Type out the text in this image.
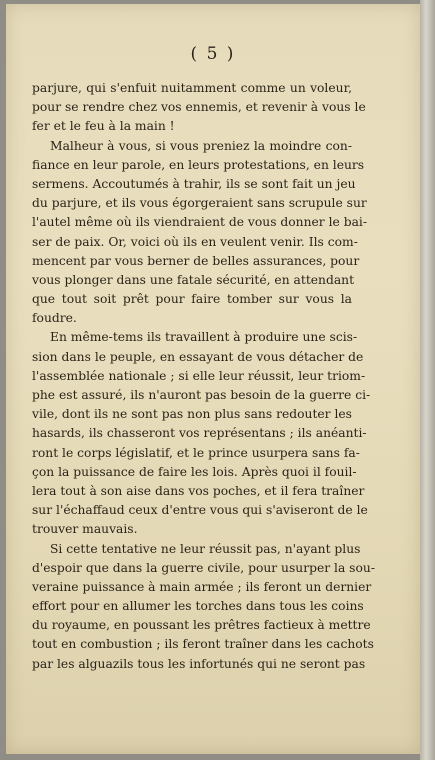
( 5 )
parjure, qui s'enfuit nuitamment comme un voleur,
pour se rendre chez vos ennemis, et revenir à vous le
fer et le feu à la main !
Malheur à vous, si vous preniez la moindre con-
fiance en leur parole, en leurs protestations, en leurs
sermens. Accoutumés à trahir, ils se sont fait un jeu
du parjure, et ils vous égorgeraient sans scrupule sur
l'autel même où ils viendraient de vous donner le bai-
ser de paix. Or, voici où ils en veulent venir. Ils com-
mencent par vous berner de belles assurances, pour
vous plonger dans une fatale sécurité, en attendant
que tout soit prêt pour faire tomber sur vous la
foudre.
En même-tems ils travaillent à produire une scis-
sion dans le peuple, en essayant de vous détacher de
l'assemblée nationale ; si elle leur réussit, leur triom-
phe est assuré, ils n'auront pas besoin de la guerre ci-
vile, dont ils ne sont pas non plus sans redouter les
hasards, ils chasseront vos représentans ; ils anéanti-
ront le corps législatif, et le prince usurpera sans fa-
çon la puissance de faire les lois. Après quoi il fouil-
lera tout à son aise dans vos poches, et il fera traîner
sur l'échaffaud ceux d'entre vous qui s'aviseront de le
trouver mauvais.
Si cette tentative ne leur réussit pas, n'ayant plus
d'espoir que dans la guerre civile, pour usurper la sou-
veraine puissance à main armée ; ils feront un dernier
effort pour en allumer les torches dans tous les coins
du royaume, en poussant les prêtres factieux à mettre
tout en combustion ; ils feront traîner dans les cachots
par les alguazils tous les infortunés qui ne seront pas
